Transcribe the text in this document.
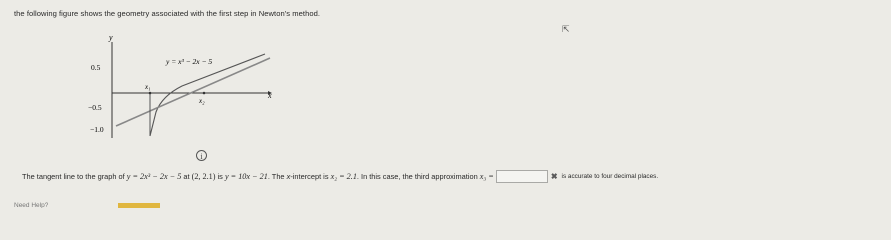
the following figure shows the geometry associated with the first step in Newton's method.
⇱
y
x
0.5
−0.5
−1.0
y = x³ − 2x − 5
x₁
x₂
i
The tangent line to the graph of
y = 2x³ − 2x − 5
at
(2, 2.1)
is
y = 10x − 21 . The
x -intercept is
x₂ = 2.1 . In this case, the third approximation
x₃ =	✖ is accurate to four decimal places.
Need Help?
